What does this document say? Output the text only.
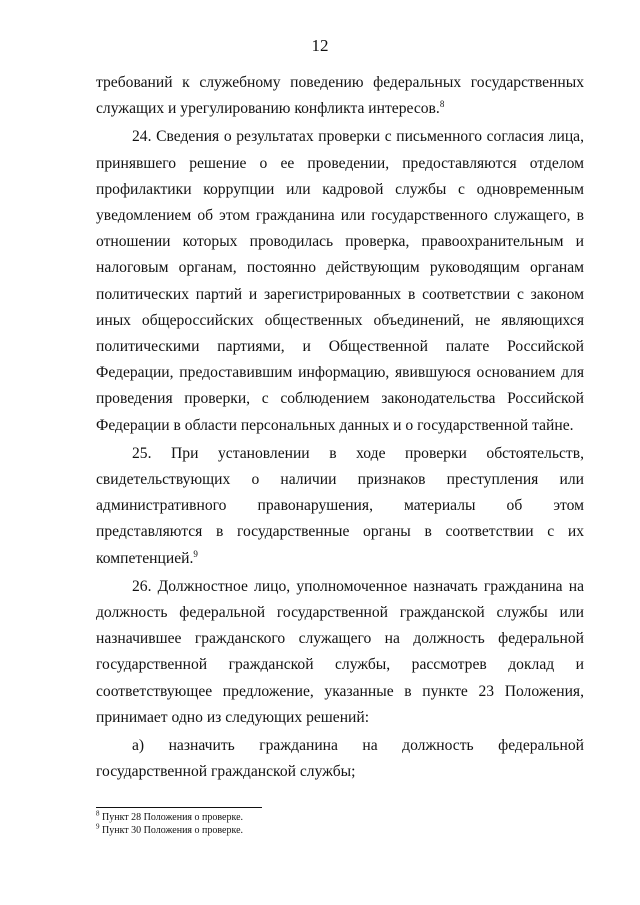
12

требований к служебному поведению федеральных государственных служащих и урегулированию конфликта интересов.$^8$

24. Сведения о результатах проверки с письменного согласия лица, принявшего решение о ее проведении, предоставляются отделом профилактики коррупции или кадровой службы с одновременным уведомлением об этом гражданина или государственного служащего, в отношении которых проводилась проверка, правоохранительным и налоговым органам, постоянно действующим руководящим органам политических партий и зарегистрированных в соответствии с законом иных общероссийских общественных объединений, не являющихся политическими партиями, и Общественной палате Российской Федерации, предоставившим информацию, явившуюся основанием для проведения проверки, с соблюдением законодательства Российской Федерации в области персональных данных и о государственной тайне.

25. При установлении в ходе проверки обстоятельств, свидетельствующих о наличии признаков преступления или административного правонарушения, материалы об этом представляются в государственные органы в соответствии с их компетенцией.$^9$

26. Должностное лицо, уполномоченное назначать гражданина на должность федеральной государственной гражданской службы или назначившее гражданского служащего на должность федеральной государственной гражданской службы, рассмотрев доклад и соответствующее предложение, указанные в пункте 23 Положения, принимает одно из следующих решений:

а) назначить гражданина на должность федеральной государственной гражданской службы;

$^8$ Пункт 28 Положения о проверке.

$^9$ Пункт 30 Положения о проверке.
